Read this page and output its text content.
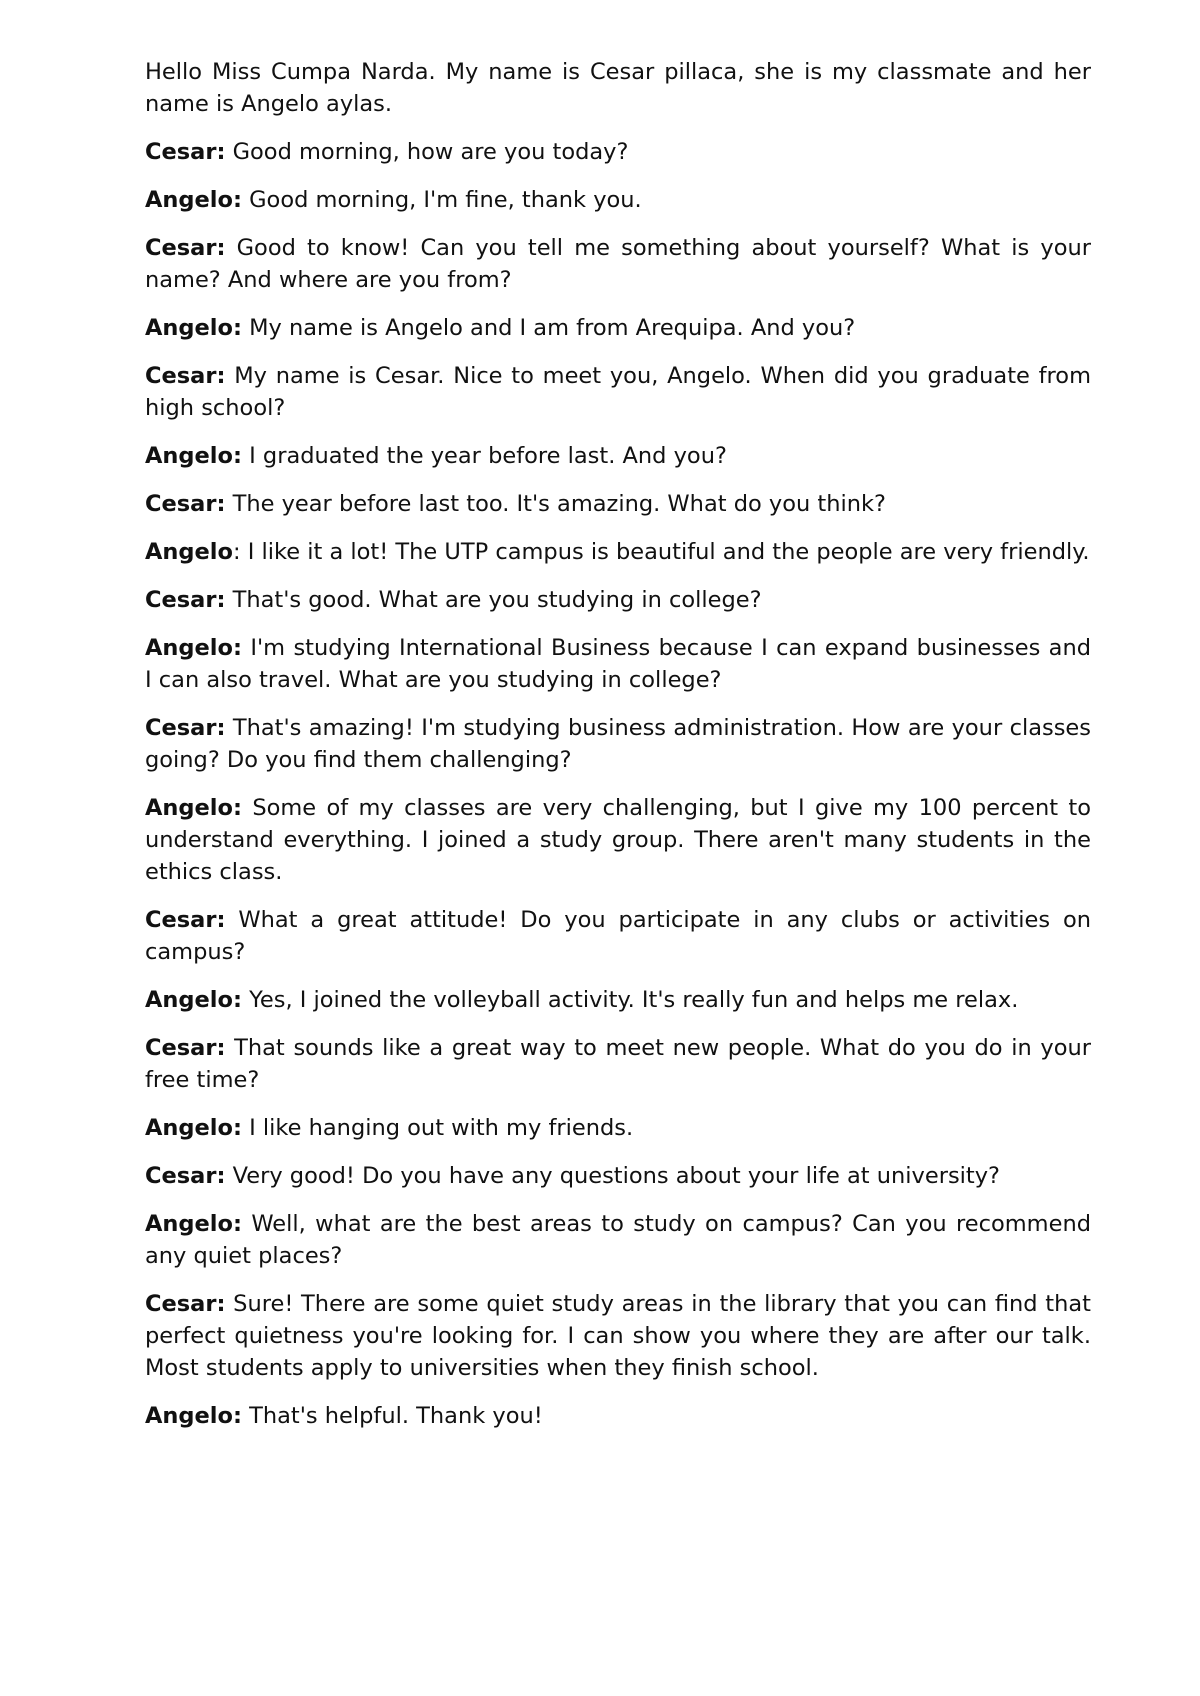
Hello Miss Cumpa Narda. My name is Cesar pillaca, she is my classmate and her name is Angelo aylas.

Cesar: Good morning, how are you today?

Angelo: Good morning, I'm fine, thank you.

Cesar: Good to know! Can you tell me something about yourself? What is your name? And where are you from?

Angelo: My name is Angelo and I am from Arequipa. And you?

Cesar: My name is Cesar. Nice to meet you, Angelo. When did you graduate from high school?

Angelo: I graduated the year before last. And you?

Cesar: The year before last too. It's amazing. What do you think?

Angelo: I like it a lot! The UTP campus is beautiful and the people are very friendly.

Cesar: That's good. What are you studying in college?

Angelo: I'm studying International Business because I can expand businesses and I can also travel. What are you studying in college?

Cesar: That's amazing! I'm studying business administration. How are your classes going? Do you find them challenging?

Angelo: Some of my classes are very challenging, but I give my 100 percent to understand everything. I joined a study group. There aren't many students in the ethics class.

Cesar: What a great attitude! Do you participate in any clubs or activities on campus?

Angelo: Yes, I joined the volleyball activity. It's really fun and helps me relax.

Cesar: That sounds like a great way to meet new people. What do you do in your free time?

Angelo: I like hanging out with my friends.

Cesar: Very good! Do you have any questions about your life at university?

Angelo: Well, what are the best areas to study on campus? Can you recommend any quiet places?

Cesar: Sure! There are some quiet study areas in the library that you can find that perfect quietness you're looking for. I can show you where they are after our talk. Most students apply to universities when they finish school.

Angelo: That's helpful. Thank you!
